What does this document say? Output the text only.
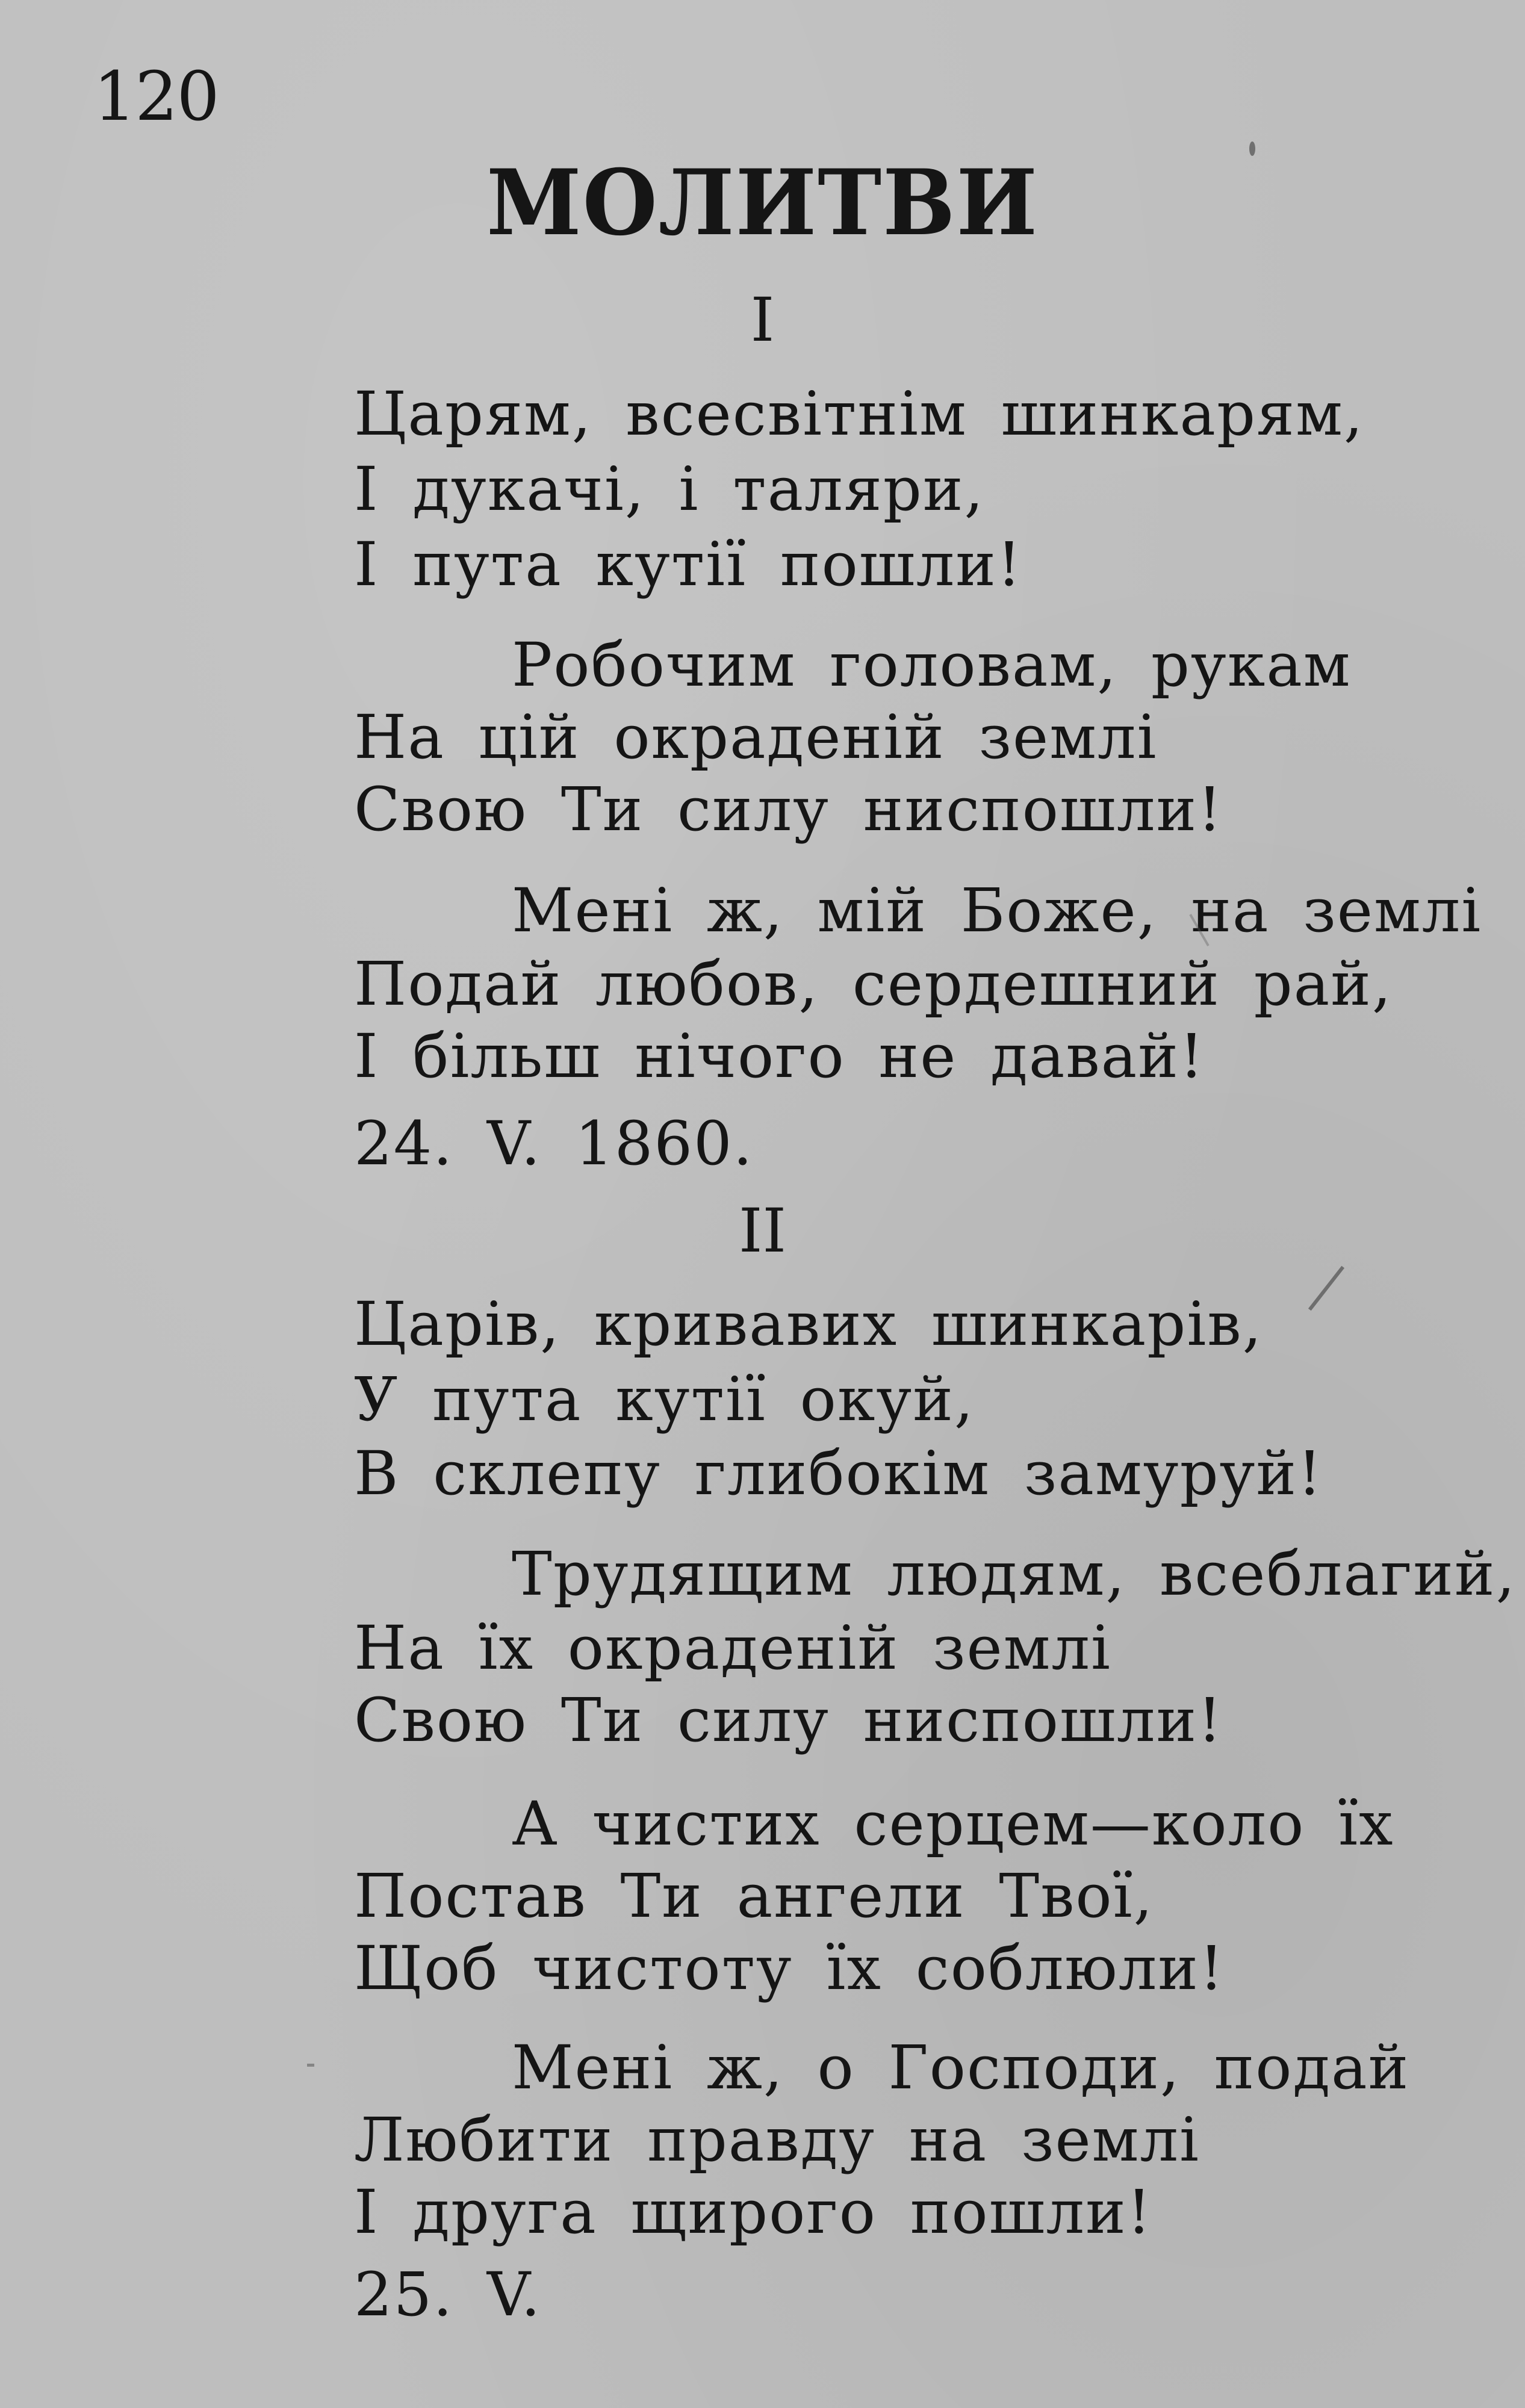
120
МОЛИТВИ
I
Царям, всесвітнім шинкарям,
І дукачі, і таляри,
І пута кутії пошли!
Робочим головам, рукам
На цій окраденій землі
Свою Ти силу ниспошли!
Мені ж, мій Боже, на землі
Подай любов, сердешний рай,
І більш нічого не давай!
24. V. 1860.
II
Царів, кривавих шинкарів,
У пута кутії окуй,
В склепу глибокім замуруй!
Трудящим людям, всеблагий,
На їх окраденій землі
Свою Ти силу ниспошли!
А чистих серцем—коло їх
Постав Ти ангели Твої,
Щоб чистоту їх соблюли!
Мені ж, о Господи, подай
Любити правду на землі
І друга щирого пошли!
25. V.
